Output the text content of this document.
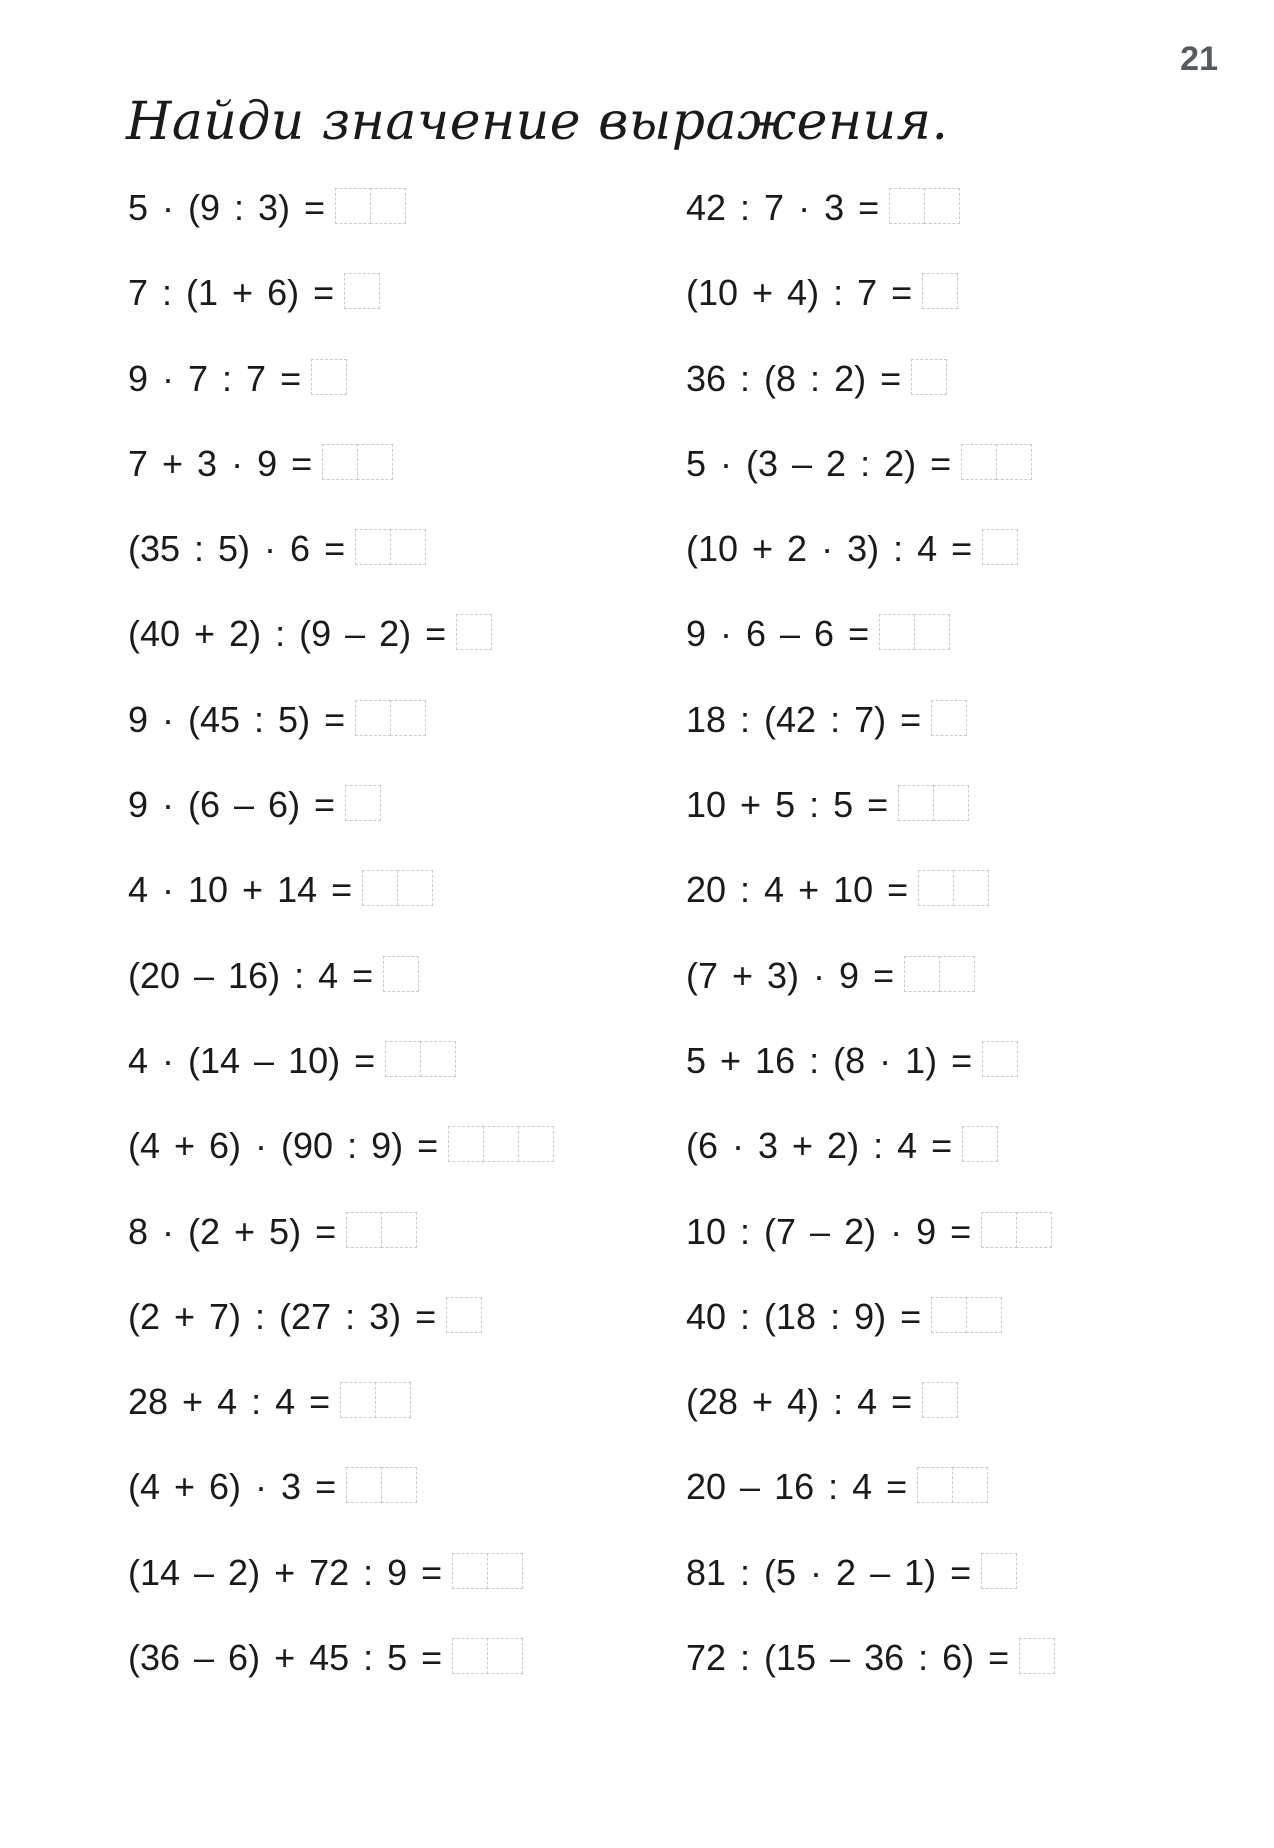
21
Найди значение выражения.
5 · (9 : 3) =
7 : (1 + 6) =
9 · 7 : 7 =
7 + 3 · 9 =
(35 : 5) · 6 =
(40 + 2) : (9 – 2) =
9 · (45 : 5) =
9 · (6 – 6) =
4 · 10 + 14 =
(20 – 16) : 4 =
4 · (14 – 10) =
(4 + 6) · (90 : 9) =
8 · (2 + 5) =
(2 + 7) : (27 : 3) =
28 + 4 : 4 =
(4 + 6) · 3 =
(14 – 2) + 72 : 9 =
(36 – 6) + 45 : 5 =
42 : 7 · 3 =
(10 + 4) : 7 =
36 : (8 : 2) =
5 · (3 – 2 : 2) =
(10 + 2 · 3) : 4 =
9 · 6 – 6 =
18 : (42 : 7) =
10 + 5 : 5 =
20 : 4 + 10 =
(7 + 3) · 9 =
5 + 16 : (8 · 1) =
(6 · 3 + 2) : 4 =
10 : (7 – 2) · 9 =
40 : (18 : 9) =
(28 + 4) : 4 =
20 – 16 : 4 =
81 : (5 · 2 – 1) =
72 : (15 – 36 : 6) =
